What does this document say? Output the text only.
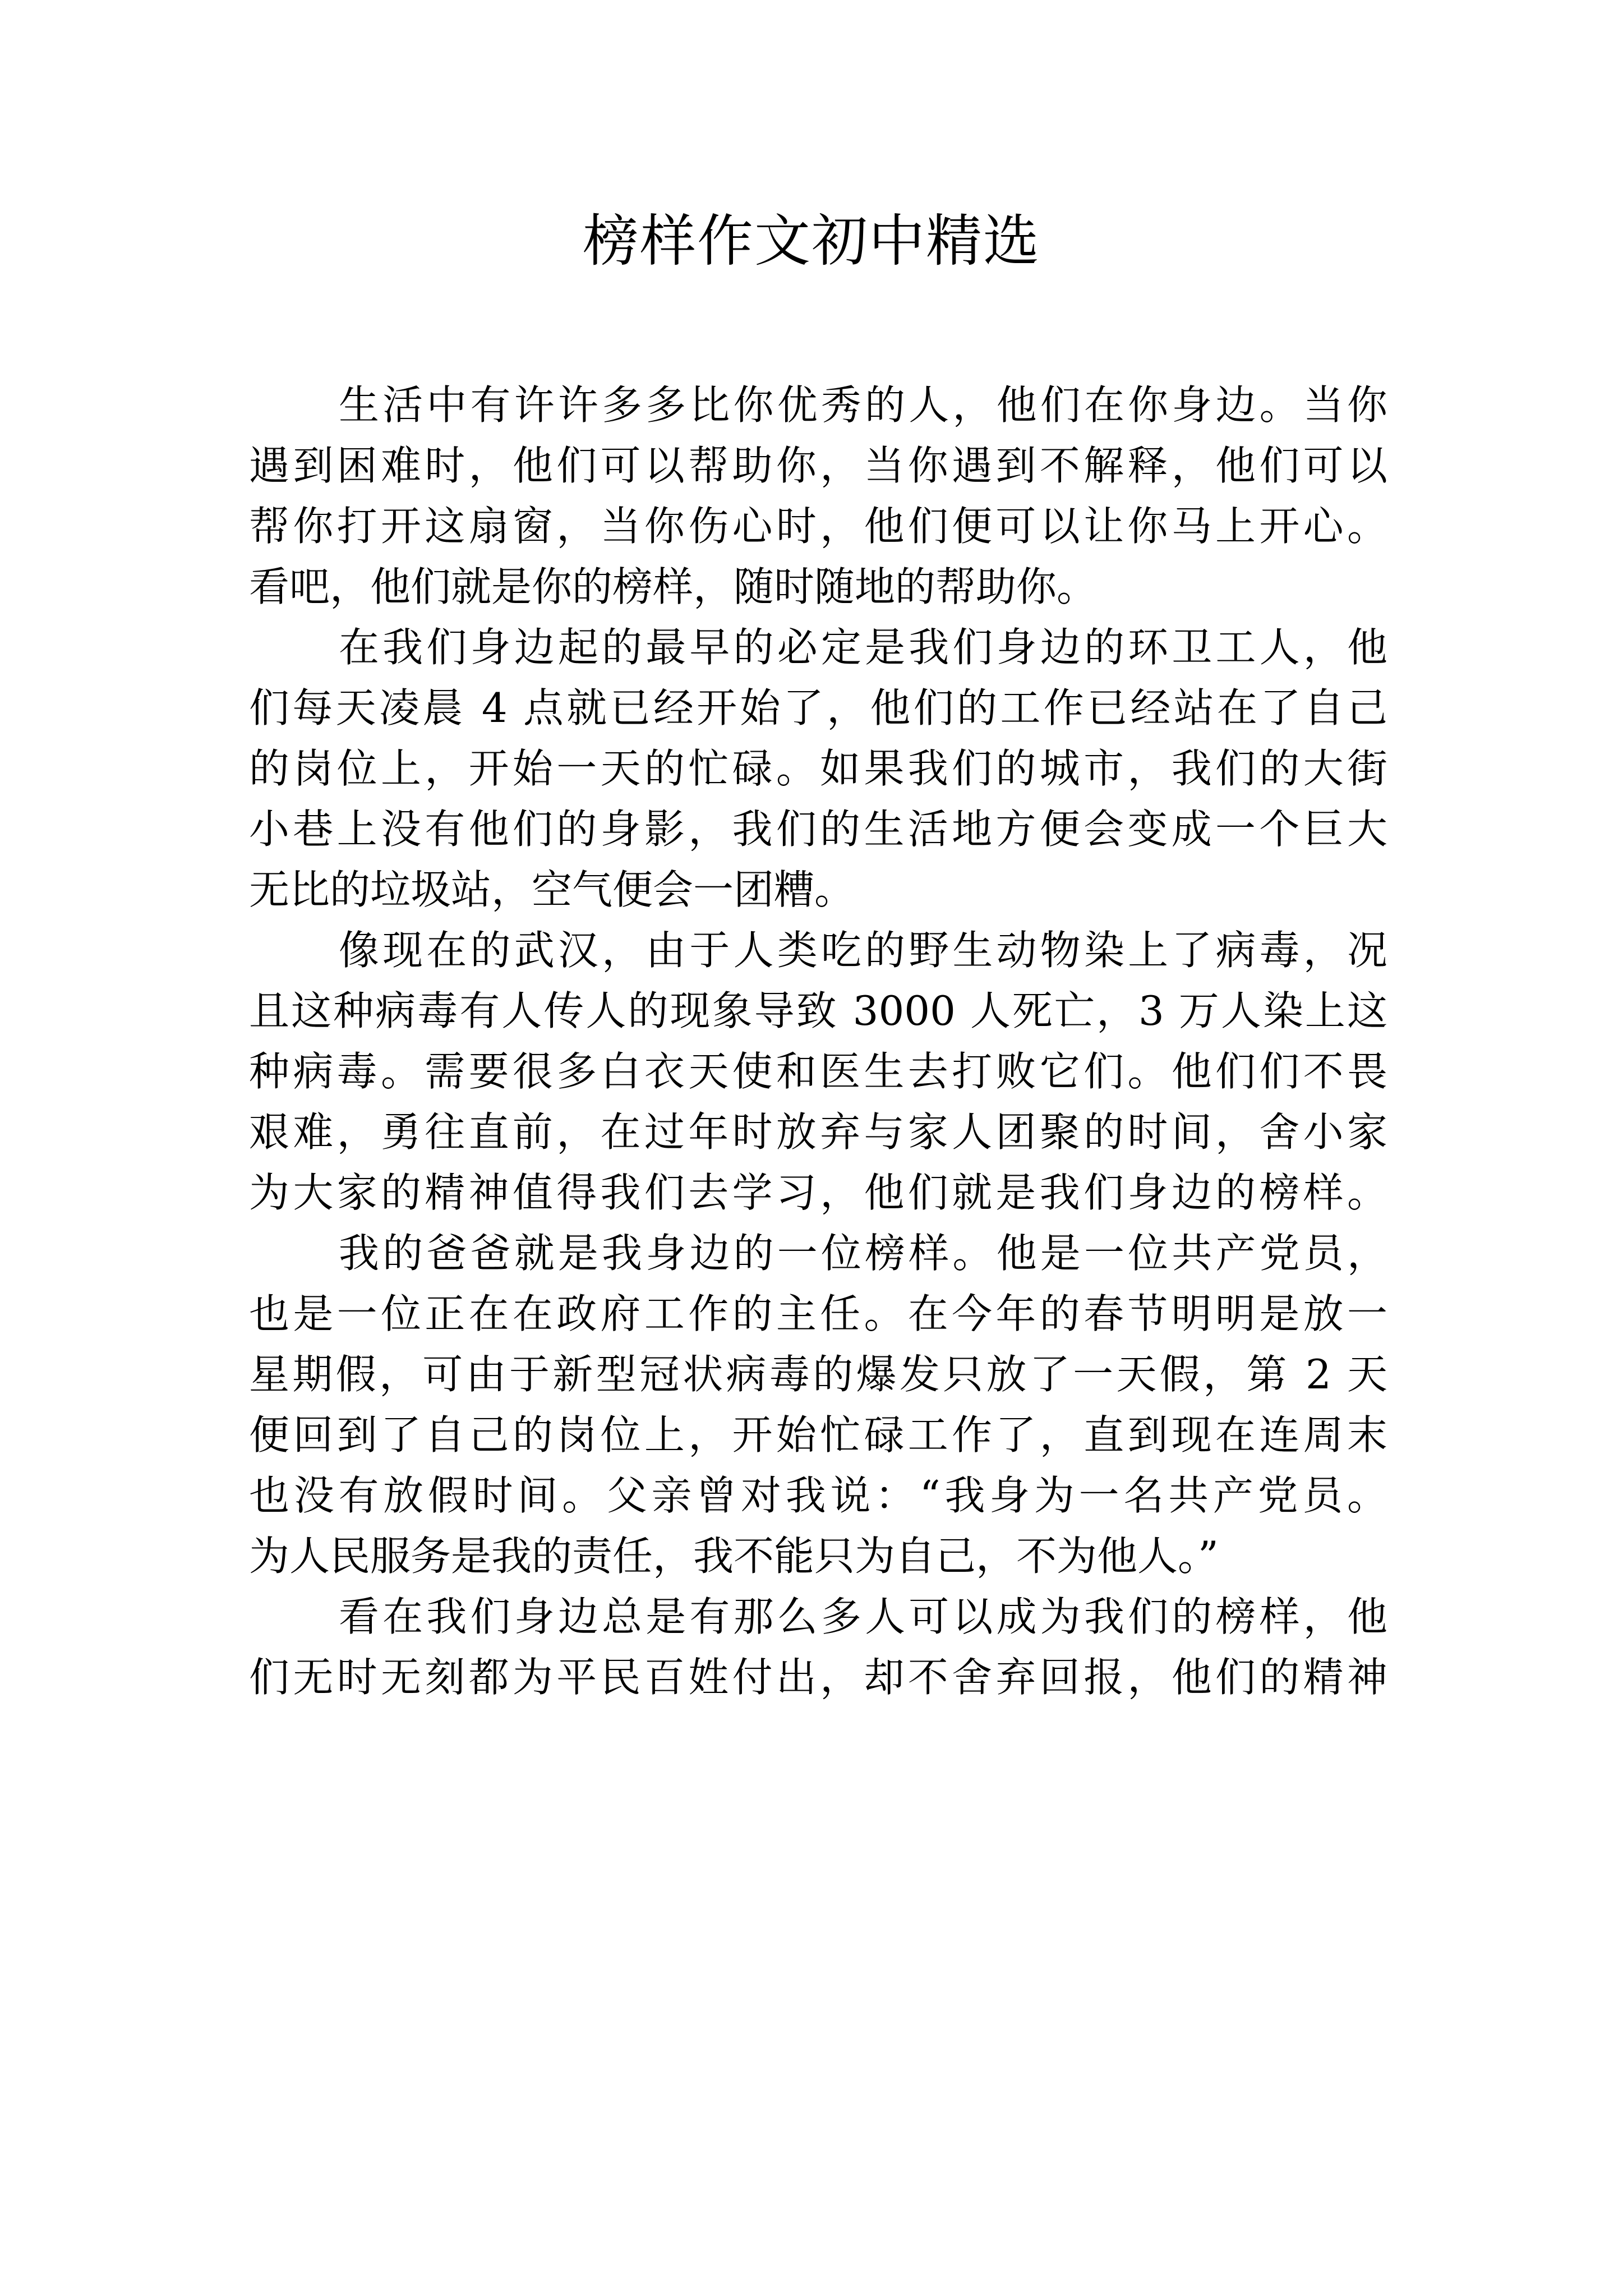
榜样作文初中精选
生活中有许许多多比你优秀的人，他们在你身边。当你
遇到困难时，他们可以帮助你，当你遇到不解释，他们可以
帮你打开这扇窗，当你伤心时，他们便可以让你马上开心。
看吧，他们就是你的榜样，随时随地的帮助你。
在我们身边起的最早的必定是我们身边的环卫工人，他
们每天凌晨 4 点就已经开始了，他们的工作已经站在了自己
的岗位上，开始一天的忙碌。如果我们的城市，我们的大街
小巷上没有他们的身影，我们的生活地方便会变成一个巨大
无比的垃圾站，空气便会一团糟。
像现在的武汉，由于人类吃的野生动物染上了病毒，况
且这种病毒有人传人的现象导致 3000 人死亡，3 万人染上这
种病毒。需要很多白衣天使和医生去打败它们。他们们不畏
艰难，勇往直前，在过年时放弃与家人团聚的时间，舍小家
为大家的精神值得我们去学习，他们就是我们身边的榜样。
我的爸爸就是我身边的一位榜样。他是一位共产党员，
也是一位正在在政府工作的主任。在今年的春节明明是放一
星期假，可由于新型冠状病毒的爆发只放了一天假，第 2 天
便回到了自己的岗位上，开始忙碌工作了，直到现在连周末
也没有放假时间。父亲曾对我说：“我身为一名共产党员。
为人民服务是我的责任，我不能只为自己，不为他人。”
看在我们身边总是有那么多人可以成为我们的榜样，他
们无时无刻都为平民百姓付出，却不舍弃回报，他们的精神
